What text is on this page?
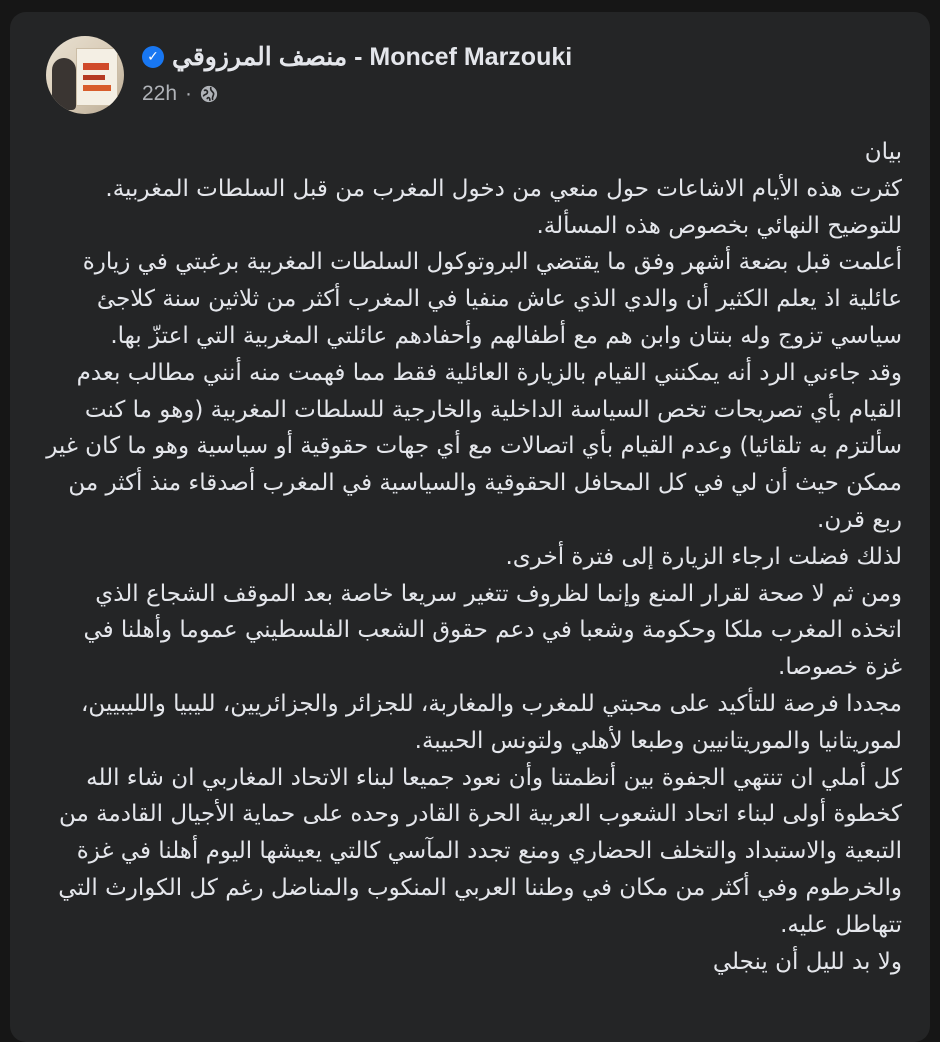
✓ منصف المرزوقي - Moncef Marzouki
22h ·

بيان

كثرت هذه الأيام الاشاعات حول منعي من دخول المغرب من قبل السلطات المغربية. للتوضيح النهائي بخصوص هذه المسألة.

أعلمت قبل بضعة أشهر وفق ما يقتضي البروتوكول السلطات المغربية برغبتي في زيارة عائلية اذ يعلم الكثير أن والدي الذي عاش منفيا في المغرب أكثر من ثلاثين سنة كلاجئ سياسي تزوج وله بنتان وابن هم مع أطفالهم وأحفادهم عائلتي المغربية التي اعتزّ بها.

وقد جاءني الرد أنه يمكنني القيام بالزيارة العائلية فقط مما فهمت منه أنني مطالب بعدم القيام بأي تصريحات تخص السياسة الداخلية والخارجية للسلطات المغربية (وهو ما كنت سألتزم به تلقائيا) وعدم القيام بأي اتصالات مع أي جهات حقوقية أو سياسية وهو ما كان غير ممكن حيث أن لي في كل المحافل الحقوقية والسياسية في المغرب أصدقاء منذ أكثر من ربع قرن.

لذلك فضلت ارجاء الزيارة إلى فترة أخرى.

ومن ثم لا صحة لقرار المنع وإنما لظروف تتغير سريعا خاصة بعد الموقف الشجاع الذي اتخذه المغرب ملكا وحكومة وشعبا في دعم حقوق الشعب الفلسطيني عموما وأهلنا في غزة خصوصا.

مجددا فرصة للتأكيد على محبتي للمغرب والمغاربة، للجزائر والجزائريين، لليبيا والليبيين، لموريتانيا والموريتانيين وطبعا لأهلي ولتونس الحبيبة.

كل أملي ان تنتهي الجفوة بين أنظمتنا وأن نعود جميعا لبناء الاتحاد المغاربي ان شاء الله كخطوة أولى لبناء اتحاد الشعوب العربية الحرة القادر وحده على حماية الأجيال القادمة من التبعية والاستبداد والتخلف الحضاري ومنع تجدد المآسي كالتي يعيشها اليوم أهلنا في غزة والخرطوم وفي أكثر من مكان في وطننا العربي المنكوب والمناضل رغم كل الكوارث التي تتهاطل عليه.

ولا بد لليل أن ينجلي
